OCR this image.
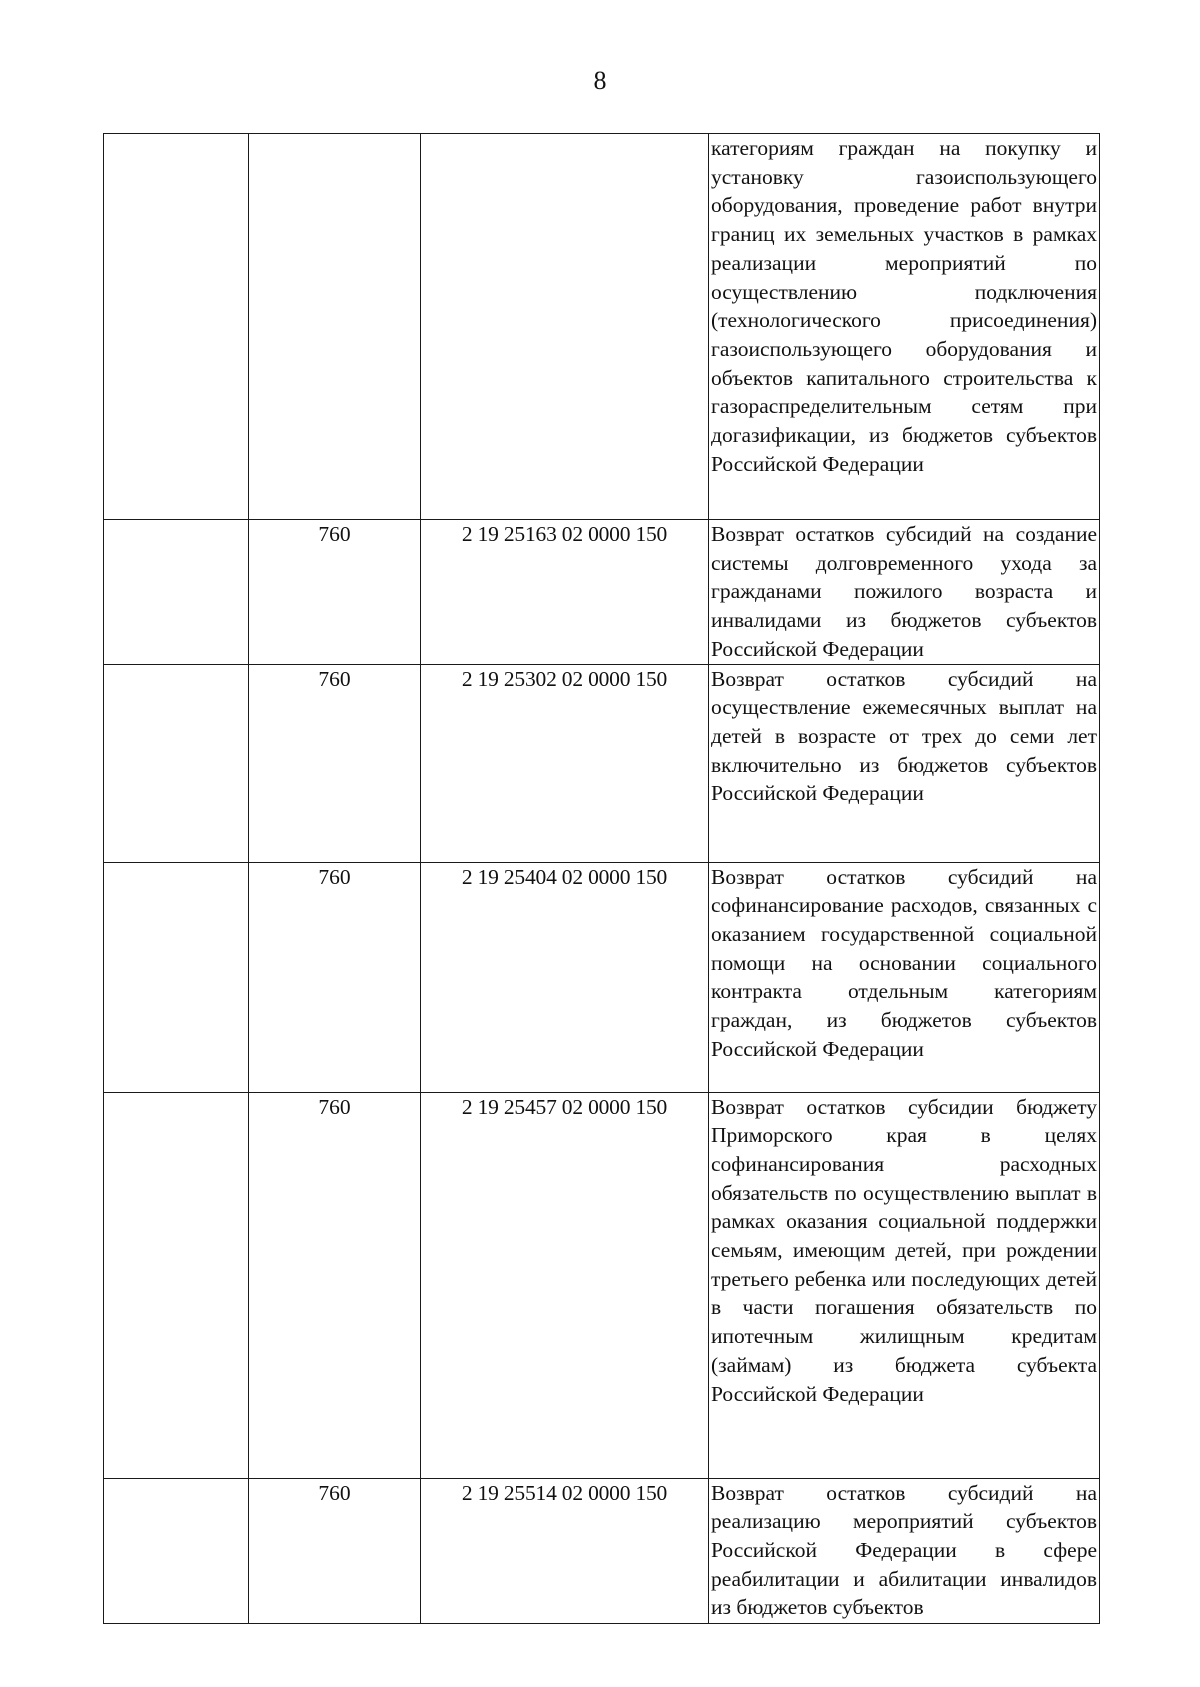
8

			категориям граждан на покупку и установку газоиспользующего оборудования, проведение работ внутри границ их земельных участков в рамках реализации мероприятий по осуществлению подключения (технологического присоединения) газоиспользующего оборудования и объектов капитального строительства к газораспределительным сетям при догазификации, из бюджетов субъектов Российской Федерации

	760	2 19 25163 02 0000 150	Возврат остатков субсидий на создание системы долговременного ухода за гражданами пожилого возраста и инвалидами из бюджетов субъектов Российской Федерации

	760	2 19 25302 02 0000 150	Возврат остатков субсидий на осуществление ежемесячных выплат на детей в возрасте от трех до семи лет включительно из бюджетов субъектов Российской Федерации

	760	2 19 25404 02 0000 150	Возврат остатков субсидий на софинансирование расходов, связанных с оказанием государственной социальной помощи на основании социального контракта отдельным категориям граждан, из бюджетов субъектов Российской Федерации

	760	2 19 25457 02 0000 150	Возврат остатков субсидии бюджету Приморского края в целях софинансирования расходных обязательств по осуществлению выплат в рамках оказания социальной поддержки семьям, имеющим детей, при рождении третьего ребенка или последующих детей в части погашения обязательств по ипотечным жилищным кредитам (займам) из бюджета субъекта Российской Федерации

	760	2 19 25514 02 0000 150	Возврат остатков субсидий на реализацию мероприятий субъектов Российской Федерации в сфере реабилитации и абилитации инвалидов из бюджетов субъектов
